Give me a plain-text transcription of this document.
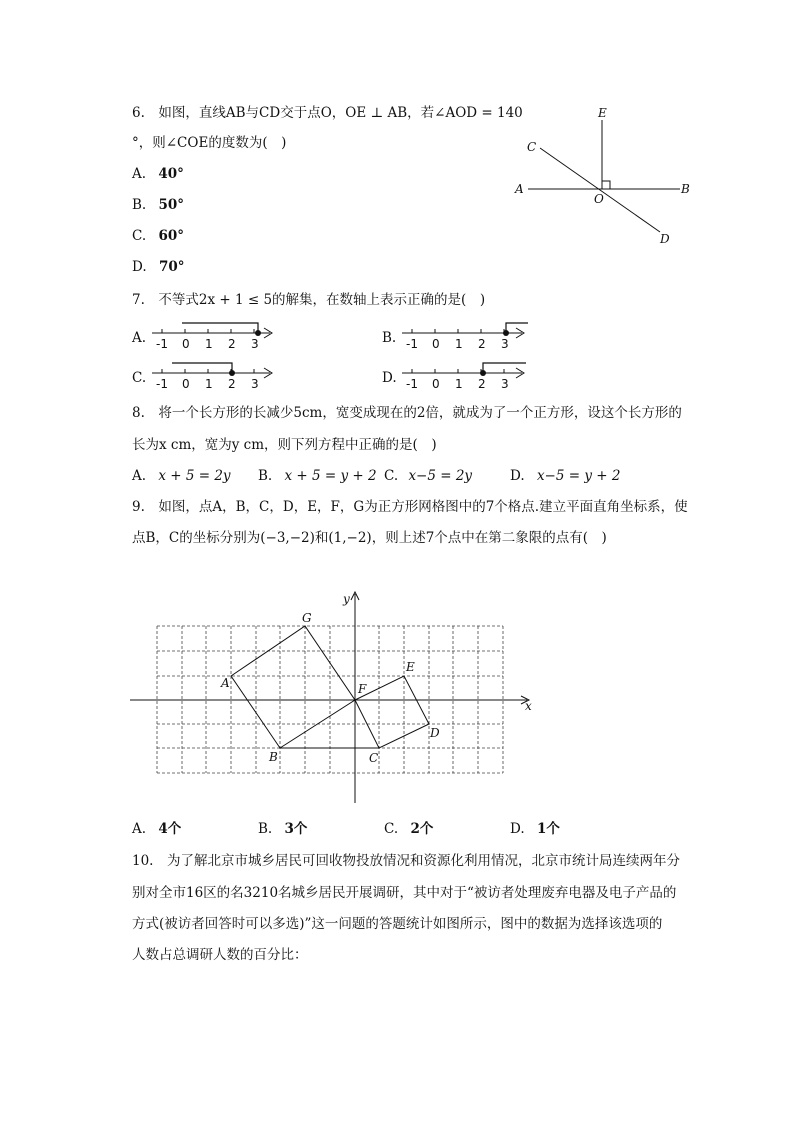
6.　如图，直线AB与CD交于点O，OE ⊥ AB，若∠AOD = 140
°，则∠COE的度数为(　)
A. 40°
B. 50°
C. 60°
D. 70°
E
C
A
O
B
D
7.　不等式2x + 1 ≤ 5的解集，在数轴上表示正确的是(　)
A. -1 0 1 2 3	B. -1 0 1 2 3
C. -1 0 1 2 3	D. -1 0 1 2 3
8.　将一个长方形的长减少5cm，宽变成现在的2倍，就成为了一个正方形，设这个长方形的
长为x cm，宽为y cm，则下列方程中正确的是(　)
A. x + 5 = 2y B. x + 5 = y + 2 C. x−5 = 2y	D. x−5 = y + 2
9.　如图，点A，B，C，D，E，F，G为正方形网格图中的7个格点.建立平面直角坐标系，使
点B，C的坐标分别为(−3,−2)和(1,−2)，则上述7个点中在第二象限的点有(　)
y
x
G
A	F
E
D
B	C
A. 4个	B. 3个	C. 2个	D. 1个
10.　为了解北京市城乡居民可回收物投放情况和资源化利用情况，北京市统计局连续两年分
别对全市16区的名3210名城乡居民开展调研，其中对于“被访者处理废弃电器及电子产品的
方式(被访者回答时可以多选)”这一问题的答题统计如图所示，图中的数据为选择该选项的
人数占总调研人数的百分比：
